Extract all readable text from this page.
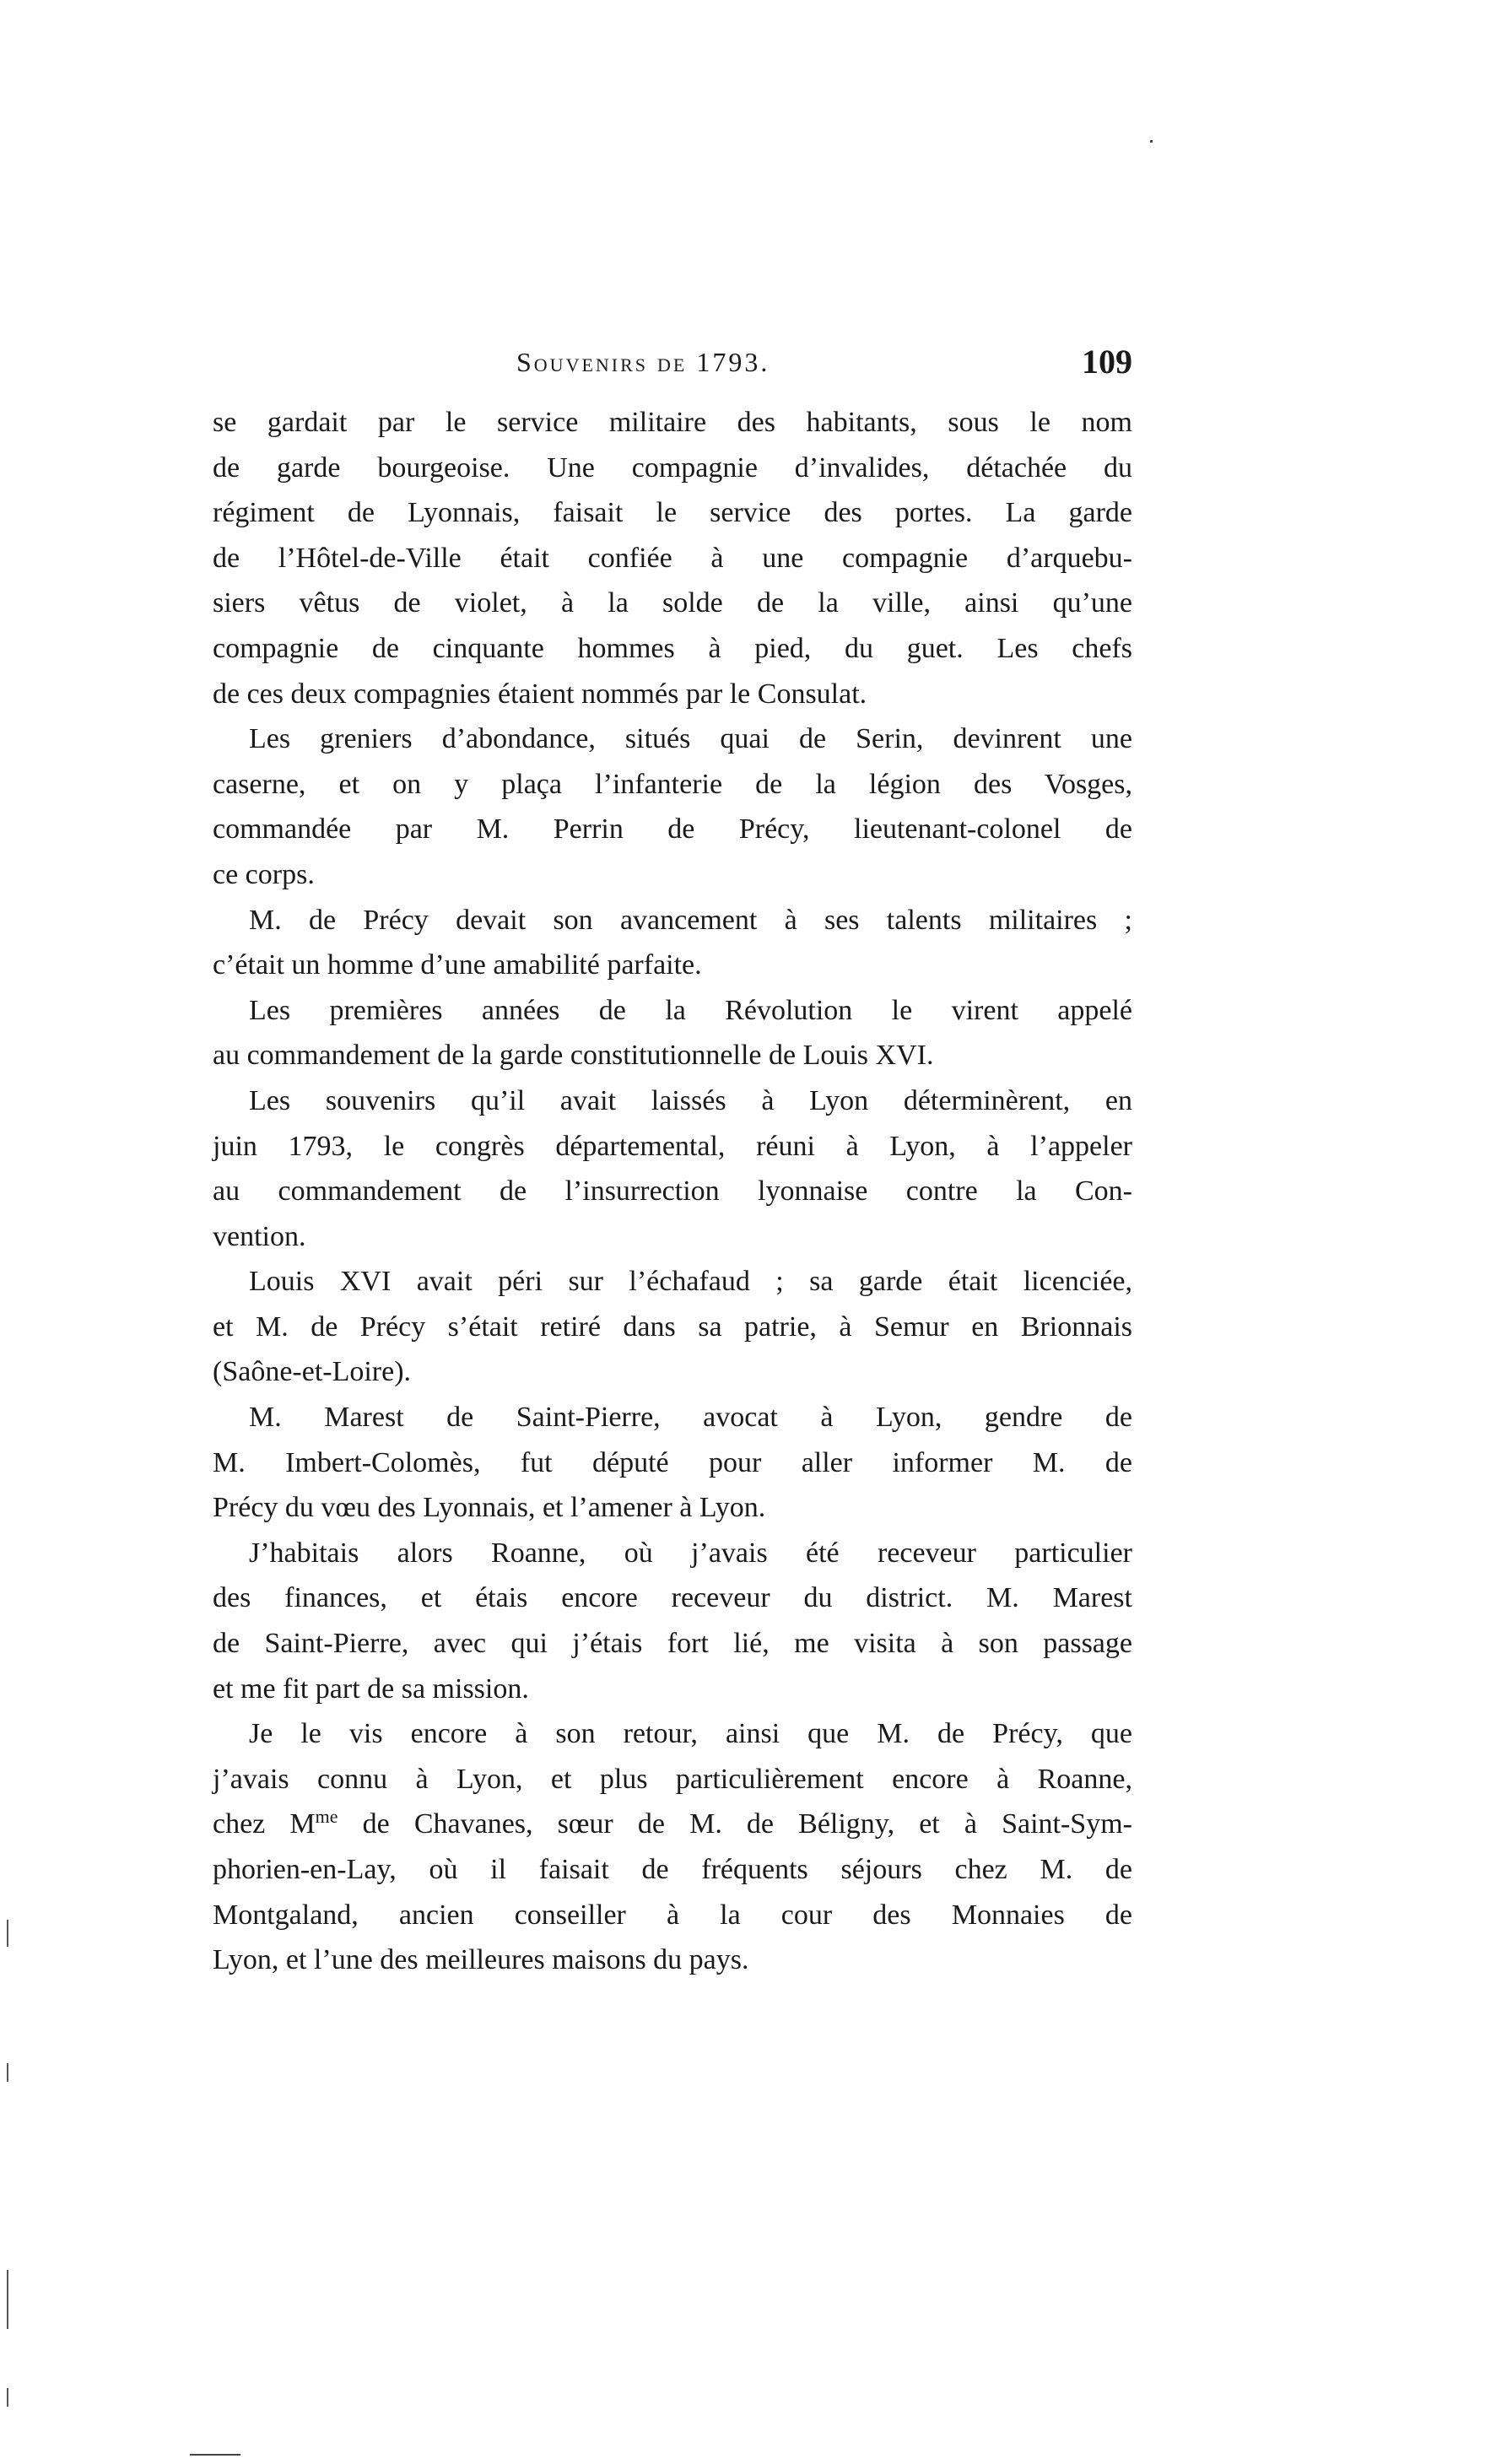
Souvenirs de 1793.	109

se gardait par le service militaire des habitants, sous le nom
de garde bourgeoise. Une compagnie d’invalides, détachée du
régiment de Lyonnais, faisait le service des portes. La garde
de l’Hôtel-de-Ville était confiée à une compagnie d’arquebu-
siers vêtus de violet, à la solde de la ville, ainsi qu’une
compagnie de cinquante hommes à pied, du guet. Les chefs
de ces deux compagnies étaient nommés par le Consulat.

Les greniers d’abondance, situés quai de Serin, devinrent une
caserne, et on y plaça l’infanterie de la légion des Vosges,
commandée par M. Perrin de Précy, lieutenant-colonel de
ce corps.

M. de Précy devait son avancement à ses talents militaires ;
c’était un homme d’une amabilité parfaite.

Les premières années de la Révolution le virent appelé
au commandement de la garde constitutionnelle de Louis XVI.

Les souvenirs qu’il avait laissés à Lyon déterminèrent, en
juin 1793, le congrès départemental, réuni à Lyon, à l’appeler
au commandement de l’insurrection lyonnaise contre la Con-
vention.

Louis XVI avait péri sur l’échafaud ; sa garde était licenciée,
et M. de Précy s’était retiré dans sa patrie, à Semur en Brionnais
(Saône-et-Loire).

M. Marest de Saint-Pierre, avocat à Lyon, gendre de
M. Imbert-Colomès, fut député pour aller informer M. de
Précy du vœu des Lyonnais, et l’amener à Lyon.

J’habitais alors Roanne, où j’avais été receveur particulier
des finances, et étais encore receveur du district. M. Marest
de Saint-Pierre, avec qui j’étais fort lié, me visita à son passage
et me fit part de sa mission.

Je le vis encore à son retour, ainsi que M. de Précy, que
j’avais connu à Lyon, et plus particulièrement encore à Roanne,
chez $M^{me}$ de Chavanes, sœur de M. de Béligny, et à Saint-Sym-
phorien-en-Lay, où il faisait de fréquents séjours chez M. de
Montgaland, ancien conseiller à la cour des Monnaies de
Lyon, et l’une des meilleures maisons du pays.
